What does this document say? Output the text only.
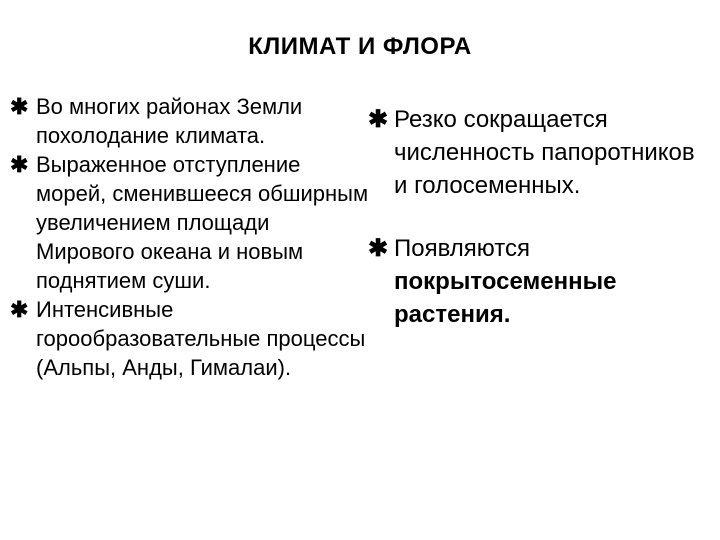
КЛИМАТ И ФЛОРА
✱ Во многих районах Земли похолодание климата.
✱ Выраженное отступление морей, сменившееся обширным увеличением площади Мирового океана и новым поднятием суши.
✱ Интенсивные горообразовательные процессы (Альпы, Анды, Гималаи).
✱ Резко сокращается численность папоротников и голосеменных.
✱ Появляются покрытосеменные растения.
